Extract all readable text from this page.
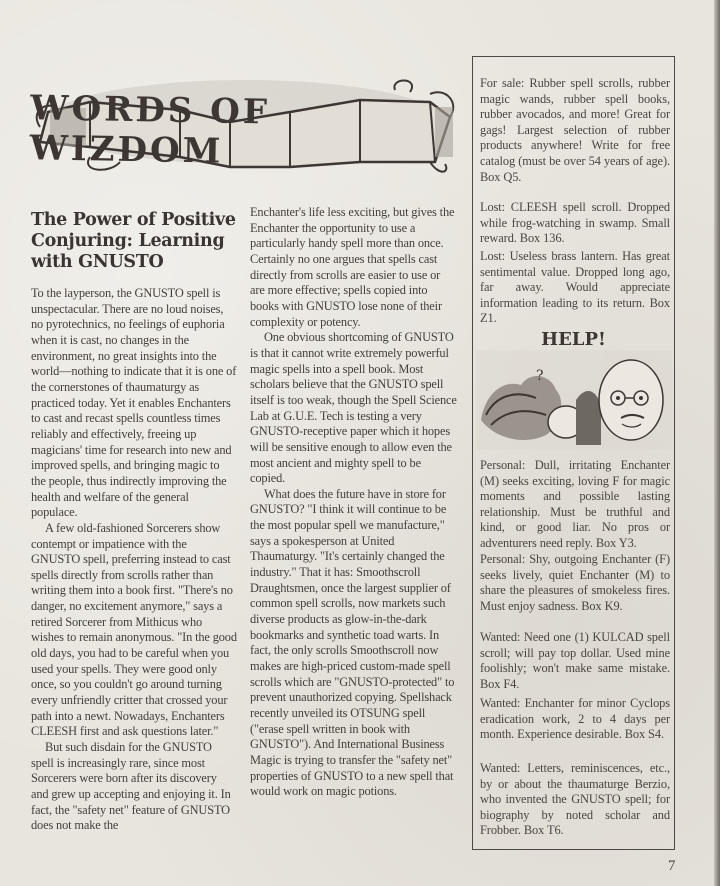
WORDS OF WIZDOM
The Power of Positive Conjuring: Learning with GNUSTO

To the layperson, the GNUSTO spell is unspectacular. There are no loud noises, no pyrotechnics, no feelings of euphoria when it is cast, no changes in the environment, no great insights into the world—nothing to indicate that it is one of the cornerstones of thaumaturgy as practiced today. Yet it enables Enchanters to cast and recast spells countless times reliably and effectively, freeing up magicians' time for research into new and improved spells, and bringing magic to the people, thus indirectly improving the health and welfare of the general populace.

A few old-fashioned Sorcerers show contempt or impatience with the GNUSTO spell, preferring instead to cast spells directly from scrolls rather than writing them into a book first. "There's no danger, no excitement anymore," says a retired Sorcerer from Mithicus who wishes to remain anonymous. "In the good old days, you had to be careful when you used your spells. They were good only once, so you couldn't go around turning every unfriendly critter that crossed your path into a newt. Nowadays, Enchanters CLEESH first and ask questions later."

But such disdain for the GNUSTO spell is increasingly rare, since most Sorcerers were born after its discovery and grew up accepting and enjoying it. In fact, the "safety net" feature of GNUSTO does not make the

Enchanter's life less exciting, but gives the Enchanter the opportunity to use a particularly handy spell more than once. Certainly no one argues that spells cast directly from scrolls are easier to use or are more effective; spells copied into books with GNUSTO lose none of their complexity or potency.

One obvious shortcoming of GNUSTO is that it cannot write extremely powerful magic spells into a spell book. Most scholars believe that the GNUSTO spell itself is too weak, though the Spell Science Lab at G.U.E. Tech is testing a very GNUSTO-receptive paper which it hopes will be sensitive enough to allow even the most ancient and mighty spell to be copied.

What does the future have in store for GNUSTO? "I think it will continue to be the most popular spell we manufacture," says a spokesperson at United Thaumaturgy. "It's certainly changed the industry." That it has: Smoothscroll Draughtsmen, once the largest supplier of common spell scrolls, now markets such diverse products as glow-in-the-dark bookmarks and synthetic toad warts. In fact, the only scrolls Smoothscroll now makes are high-priced custom-made spell scrolls which are "GNUSTO-protected" to prevent unauthorized copying. Spellshack recently unveiled its OTSUNG spell ("erase spell written in book with GNUSTO"). And International Business Magic is trying to transfer the "safety net" properties of GNUSTO to a new spell that would work on magic potions.

For sale: Rubber spell scrolls, rubber magic wands, rubber spell books, rubber avocados, and more! Great for gags! Largest selection of rubber products anywhere! Write for free catalog (must be over 54 years of age). Box Q5.
Lost: CLEESH spell scroll. Dropped while frog-watching in swamp. Small reward. Box 136.
Lost: Useless brass lantern. Has great sentimental value. Dropped long ago, far away. Would appreciate information leading to its return. Box Z1.
HELP!
?
Personal: Dull, irritating Enchanter (M) seeks exciting, loving F for magic moments and possible lasting relationship. Must be truthful and kind, or good liar. No pros or adventurers need reply. Box Y3.
Personal: Shy, outgoing Enchanter (F) seeks lively, quiet Enchanter (M) to share the pleasures of smokeless fires. Must enjoy sadness. Box K9.
Wanted: Need one (1) KULCAD spell scroll; will pay top dollar. Used mine foolishly; won't make same mistake. Box F4.
Wanted: Enchanter for minor Cyclops eradication work, 2 to 4 days per month. Experience desirable. Box S4.
Wanted: Letters, reminiscences, etc., by or about the thaumaturge Berzio, who invented the GNUSTO spell; for biography by noted scholar and Frobber. Box T6.
7
